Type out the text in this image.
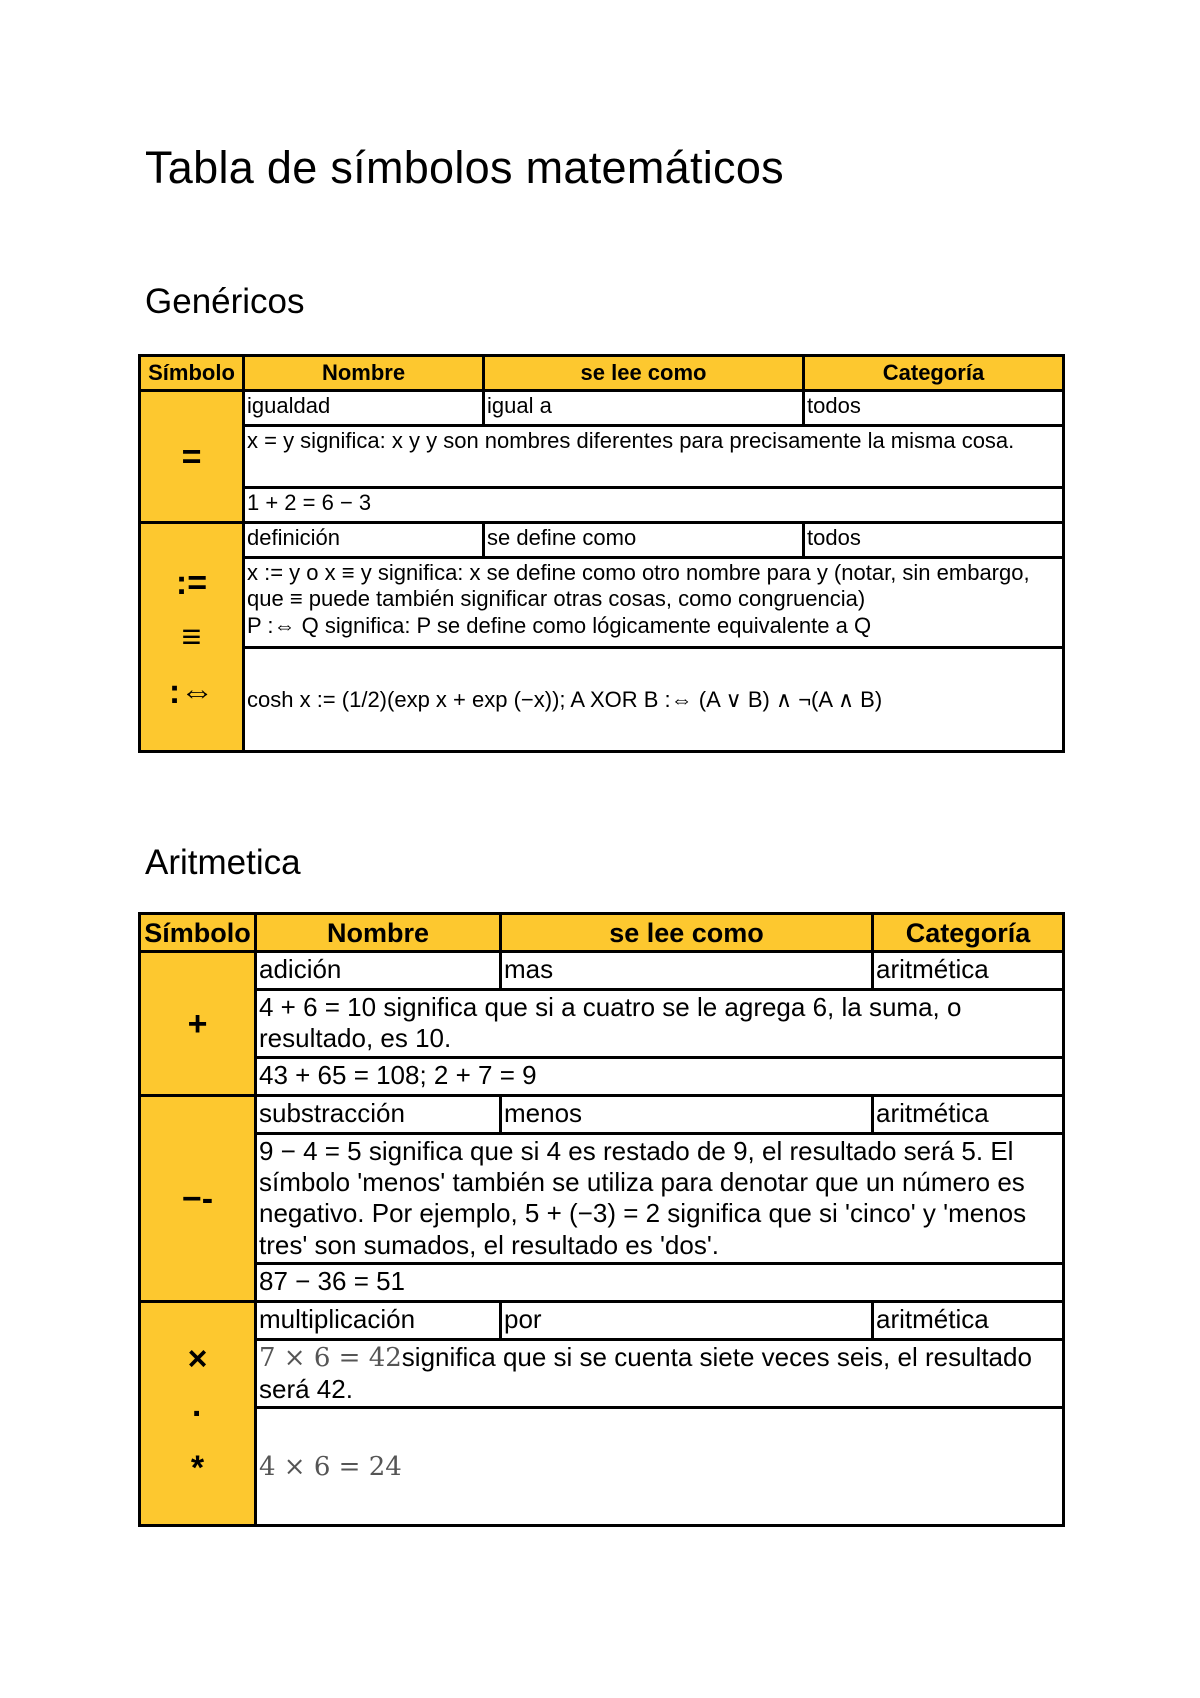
Tabla de símbolos matemáticos
Genéricos
Símbolo	Nombre	se lee como	Categoría

=	igualdad	igual a	todos
	x = y significa: x y y son nombres diferentes para precisamente la misma cosa.		
	1 + 2 = 6 − 3		

:=
≡
:⇔	definición	se define como	todos

	x := y o x ≡ y significa: x se define como otro nombre para y (notar, sin embargo, que ≡ puede también significar otras cosas, como congruencia)
P :⇔ Q significa: P se define como lógicamente equivalente a Q		

	cosh x := (1/2)(exp x + exp (−x)); A XOR B :⇔ (A ∨ B) ∧ ¬(A ∧ B)		
Aritmetica
Símbolo	Nombre	se lee como	Categoría

+	adición	mas	aritmética
	4 + 6 = 10 significa que si a cuatro se le agrega 6, la suma, o resultado, es 10.		
	43 + 65 = 108; 2 + 7 = 9		

−-	substracción	menos	aritmética
	9 − 4 = 5 significa que si 4 es restado de 9, el resultado será 5. El símbolo 'menos' también se utiliza para denotar que un número es negativo. Por ejemplo, 5 + (−3) = 2 significa que si 'cinco' y 'menos tres' son sumados, el resultado es 'dos'.		
	87 − 36 = 51		

×
·
*	multiplicación	por	aritmética
	7 × 6 = 42significa que si se cuenta siete veces seis, el resultado será 42.		
	4 × 6 = 24		
